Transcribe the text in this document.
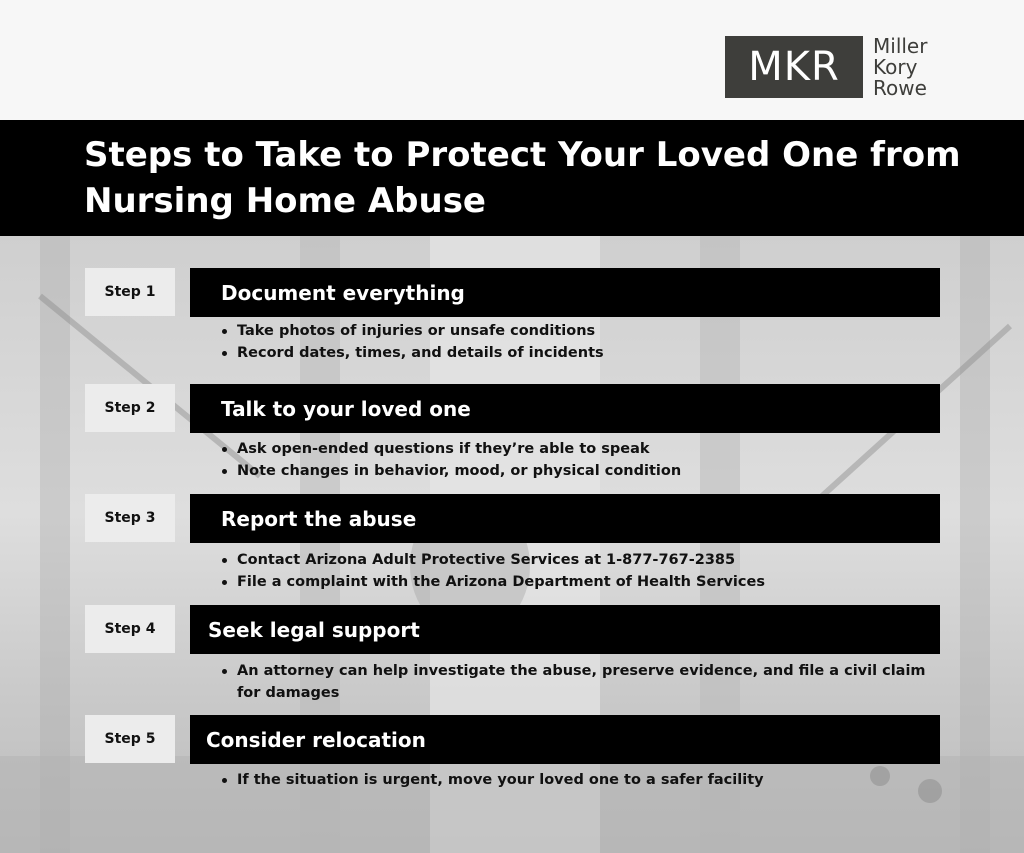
MKR	Miller
Kory
Rowe
Steps to Take to Protect Your Loved One from Nursing Home Abuse
Step 1	Document everything
Take photos of injuries or unsafe conditions
Record dates, times, and details of incidents
Step 2	Talk to your loved one
Ask open-ended questions if they’re able to speak
Note changes in behavior, mood, or physical condition
Step 3	Report the abuse
Contact Arizona Adult Protective Services at 1-877-767-2385
File a complaint with the Arizona Department of Health Services
Step 4	Seek legal support
An attorney can help investigate the abuse, preserve evidence, and file a civil claim for damages
Step 5	Consider relocation
If the situation is urgent, move your loved one to a safer facility
